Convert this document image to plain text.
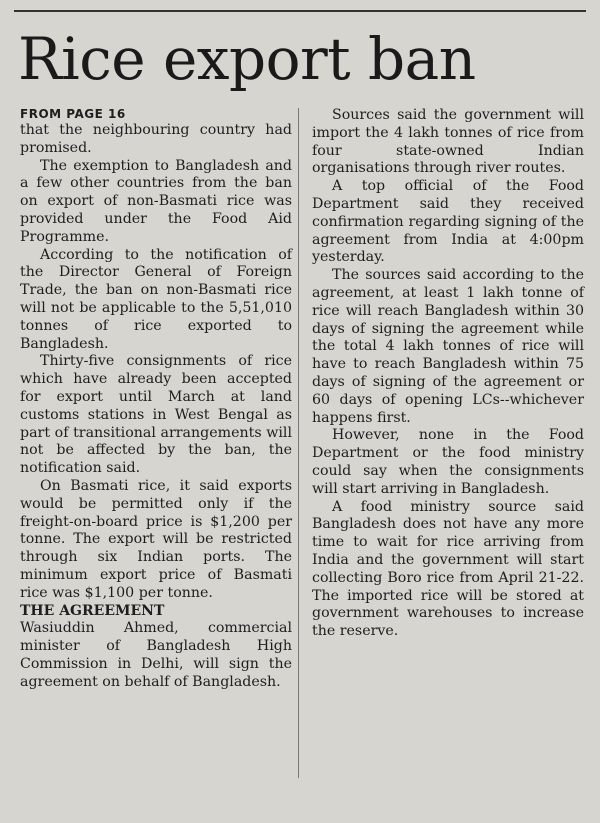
Rice export ban
FROM PAGE 16

that the neighbouring country had promised.

The exemption to Bangladesh and a few other countries from the ban on export of non-Basmati rice was provided under the Food Aid Programme.

According to the notification of the Director General of Foreign Trade, the ban on non-Basmati rice will not be applicable to the 5,51,010 tonnes of rice exported to Bangladesh.

Thirty-five consignments of rice which have already been accepted for export until March at land customs stations in West Bengal as part of transitional arrangements will not be affected by the ban, the notification said.

On Basmati rice, it said exports would be permitted only if the freight-on-board price is $1,200 per tonne. The export will be restricted through six Indian ports. The minimum export price of Basmati rice was $1,100 per tonne.

THE AGREEMENT

Wasiuddin Ahmed, commercial minister of Bangladesh High Commission in Delhi, will sign the agreement on behalf of Bangladesh.

Sources said the government will import the 4 lakh tonnes of rice from four state-owned Indian organisations through river routes.

A top official of the Food Department said they received confirmation regarding signing of the agreement from India at 4:00pm yesterday.

The sources said according to the agreement, at least 1 lakh tonne of rice will reach Bangladesh within 30 days of signing the agreement while the total 4 lakh tonnes of rice will have to reach Bangladesh within 75 days of signing of the agreement or 60 days of opening LCs--whichever happens first.

However, none in the Food Department or the food ministry could say when the consignments will start arriving in Bangladesh.

A food ministry source said Bangladesh does not have any more time to wait for rice arriving from India and the government will start collecting Boro rice from April 21-22. The imported rice will be stored at government warehouses to increase the reserve.
